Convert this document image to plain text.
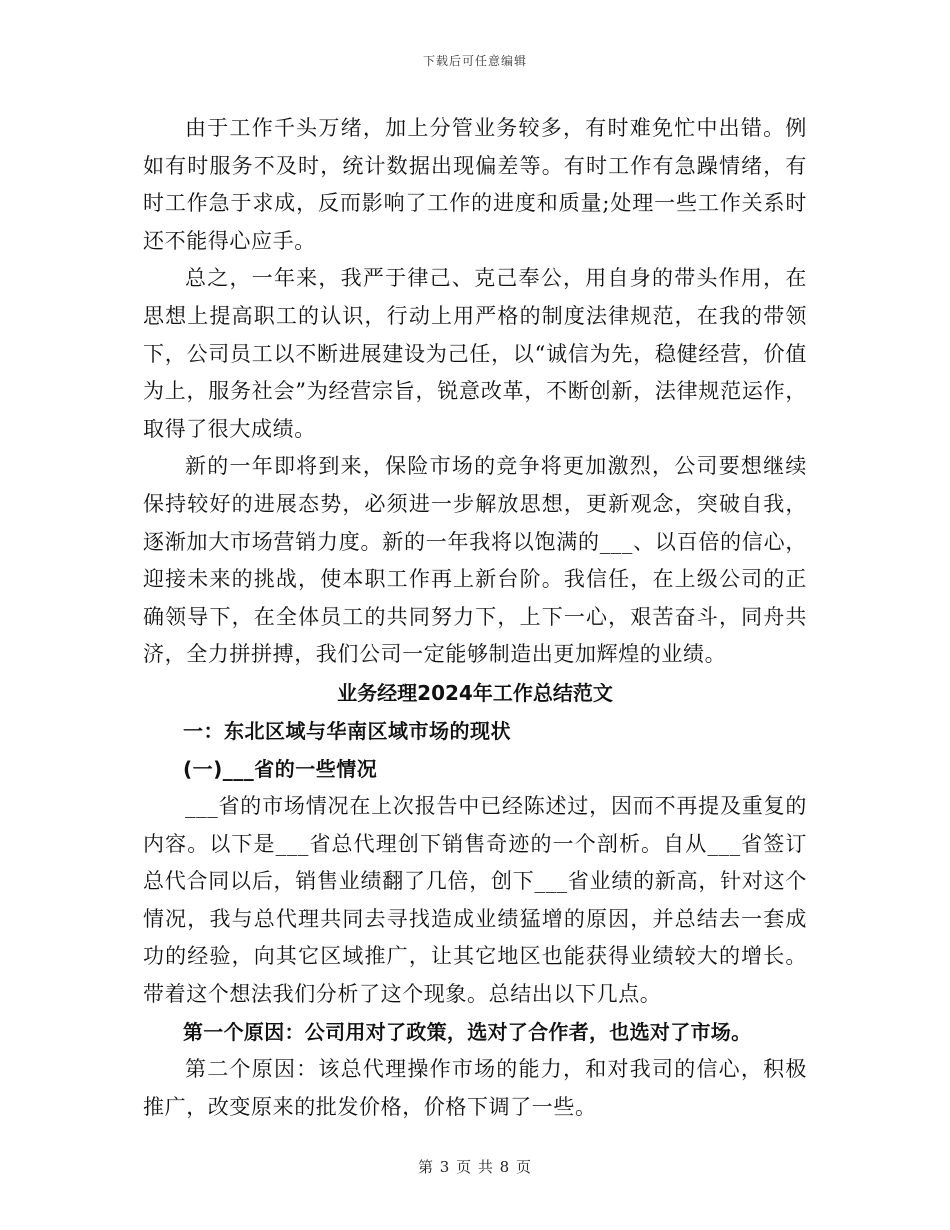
下载后可任意编辑

由于工作千头万绪，加上分管业务较多，有时难免忙中出错。例如有时服务不及时，统计数据出现偏差等。有时工作有急躁情绪，有时工作急于求成，反而影响了工作的进度和质量;处理一些工作关系时还不能得心应手。

总之，一年来，我严于律己、克己奉公，用自身的带头作用，在思想上提高职工的认识，行动上用严格的制度法律规范，在我的带领下，公司员工以不断进展建设为己任，以“诚信为先，稳健经营，价值为上，服务社会”为经营宗旨，锐意改革，不断创新，法律规范运作，取得了很大成绩。

新的一年即将到来，保险市场的竞争将更加激烈，公司要想继续保持较好的进展态势，必须进一步解放思想，更新观念，突破自我，逐渐加大市场营销力度。新的一年我将以饱满的___、以百倍的信心，迎接未来的挑战，使本职工作再上新台阶。我信任，在上级公司的正确领导下，在全体员工的共同努力下，上下一心，艰苦奋斗，同舟共济，全力拼拼搏，我们公司一定能够制造出更加辉煌的业绩。

业务经理2024年工作总结范文

一：东北区域与华南区域市场的现状

(一)___省的一些情况

___省的市场情况在上次报告中已经陈述过，因而不再提及重复的内容。以下是___省总代理创下销售奇迹的一个剖析。自从___省签订总代合同以后，销售业绩翻了几倍，创下___省业绩的新高，针对这个情况，我与总代理共同去寻找造成业绩猛增的原因，并总结去一套成功的经验，向其它区域推广，让其它地区也能获得业绩较大的增长。带着这个想法我们分析了这个现象。总结出以下几点。

第一个原因：公司用对了政策，选对了合作者，也选对了市场。

第二个原因：该总代理操作市场的能力，和对我司的信心，积极推广，改变原来的批发价格，价格下调了一些。

第 3 页 共 8 页
